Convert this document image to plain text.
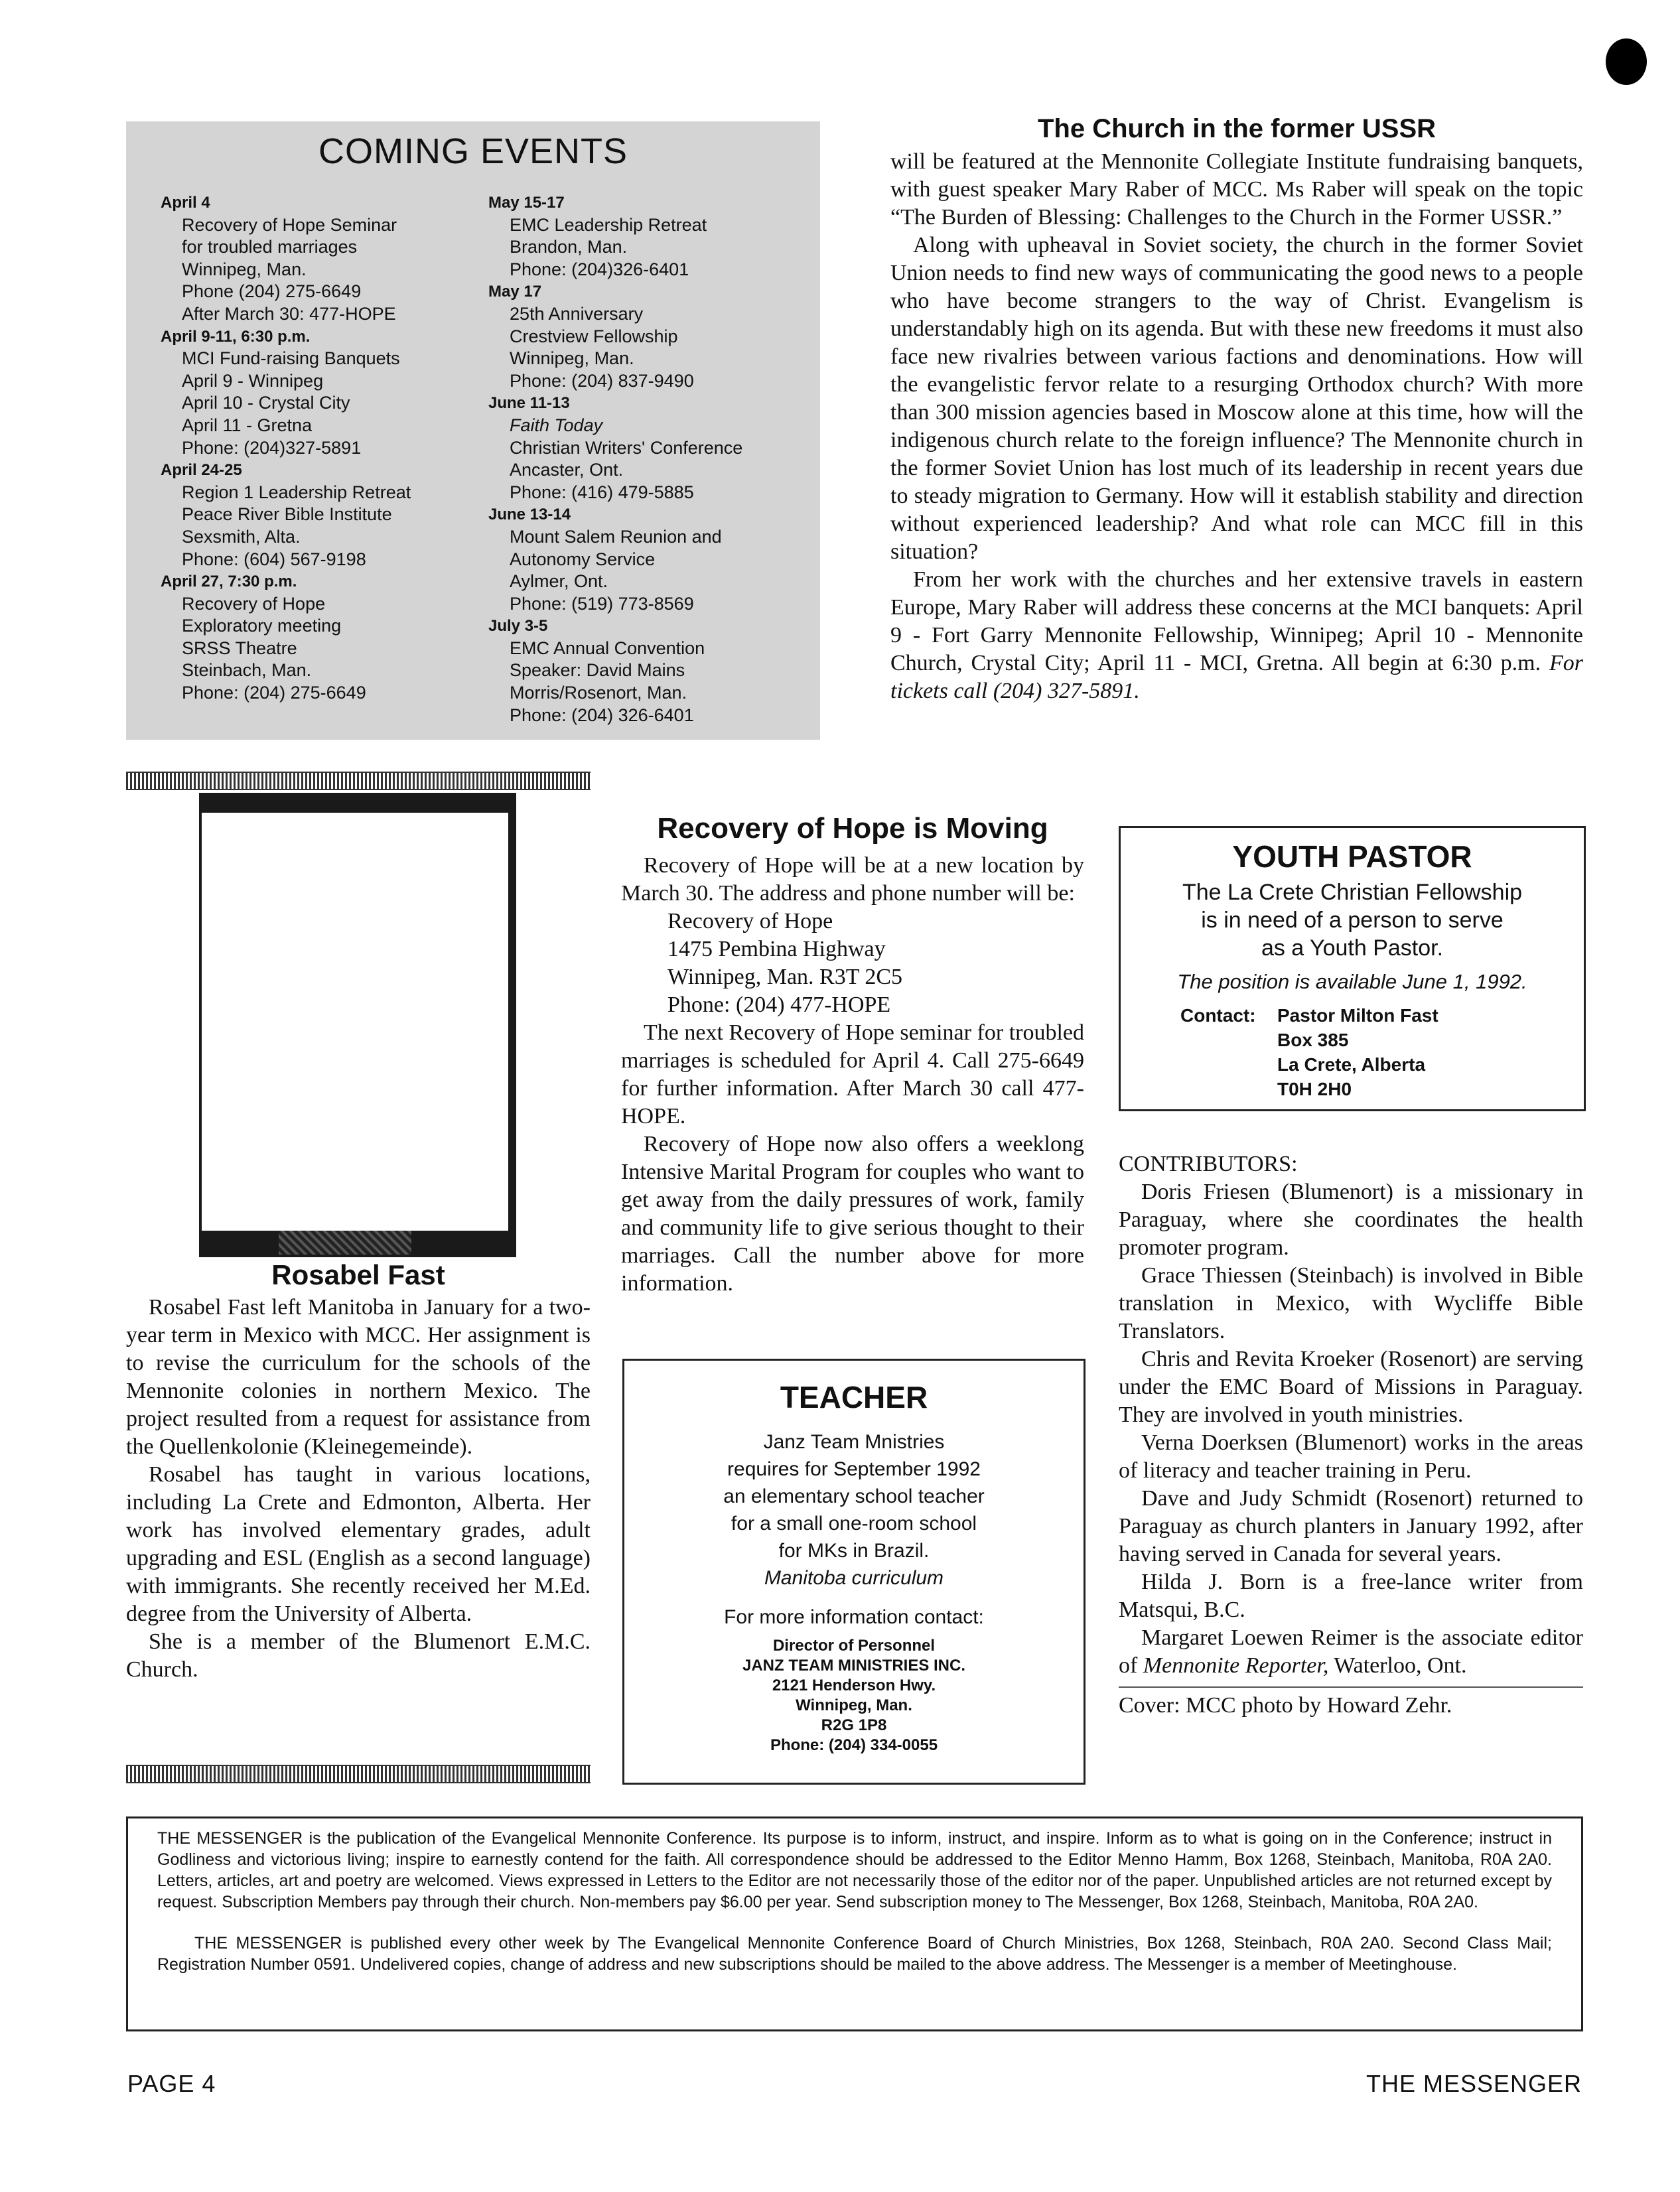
COMING EVENTS
April 4
Recovery of Hope Seminar
for troubled marriages
Winnipeg, Man.
Phone (204) 275-6649
After March 30: 477-HOPE
April 9-11, 6:30 p.m.
MCI Fund-raising Banquets
April 9 - Winnipeg
April 10 - Crystal City
April 11 - Gretna
Phone: (204)327-5891
April 24-25
Region 1 Leadership Retreat
Peace River Bible Institute
Sexsmith, Alta.
Phone: (604) 567-9198
April 27, 7:30 p.m.
Recovery of Hope
Exploratory meeting
SRSS Theatre
Steinbach, Man.
Phone: (204) 275-6649
May 15-17
EMC Leadership Retreat
Brandon, Man.
Phone: (204)326-6401
May 17
25th Anniversary
Crestview Fellowship
Winnipeg, Man.
Phone: (204) 837-9490
June 11-13
Faith Today
Christian Writers' Conference
Ancaster, Ont.
Phone: (416) 479-5885
June 13-14
Mount Salem Reunion and
Autonomy Service
Aylmer, Ont.
Phone: (519) 773-8569
July 3-5
EMC Annual Convention
Speaker: David Mains
Morris/Rosenort, Man.
Phone: (204) 326-6401
The Church in the former USSR

will be featured at the Mennonite Collegiate Institute fundraising banquets, with guest speaker Mary Raber of MCC. Ms Raber will speak on the topic “The Burden of Blessing: Challenges to the Church in the Former USSR.”

Along with upheaval in Soviet society, the church in the former Soviet Union needs to find new ways of communicating the good news to a people who have become strangers to the way of Christ. Evangelism is understandably high on its agenda. But with these new freedoms it must also face new rivalries between various factions and denominations. How will the evangelistic fervor relate to a resurging Orthodox church? With more than 300 mission agencies based in Moscow alone at this time, how will the indigenous church relate to the foreign influence? The Mennonite church in the former Soviet Union has lost much of its leadership in recent years due to steady migration to Germany. How will it establish stability and direction without experienced leadership? And what role can MCC fill in this situation?

From her work with the churches and her extensive travels in eastern Europe, Mary Raber will address these concerns at the MCI banquets: April 9 - Fort Garry Mennonite Fellowship, Winnipeg; April 10 - Mennonite Church, Crystal City; April 11 - MCI, Gretna. All begin at 6:30 p.m. For tickets call (204) 327-5891.

Rosabel Fast

Rosabel Fast left Manitoba in January for a two-year term in Mexico with MCC. Her assignment is to revise the curriculum for the schools of the Mennonite colonies in northern Mexico. The project resulted from a request for assistance from the Quellenkolonie (Kleinegemeinde).

Rosabel has taught in various locations, including La Crete and Edmonton, Alberta. Her work has involved elementary grades, adult upgrading and ESL (English as a second language) with immigrants. She recently received her M.Ed. degree from the University of Alberta.

She is a member of the Blumenort E.M.C. Church.

Recovery of Hope is Moving

Recovery of Hope will be at a new location by March 30. The address and phone number will be:

Recovery of Hope
1475 Pembina Highway
Winnipeg, Man. R3T 2C5
Phone: (204) 477-HOPE

The next Recovery of Hope seminar for troubled marriages is scheduled for April 4. Call 275-6649 for further information. After March 30 call 477-HOPE.

Recovery of Hope now also offers a weeklong Intensive Marital Program for couples who want to get away from the daily pressures of work, family and community life to give serious thought to their marriages. Call the number above for more information.

TEACHER
Janz Team Mnistries
requires for September 1992
an elementary school teacher
for a small one-room school
for MKs in Brazil.
Manitoba curriculum
For more information contact:
Director of Personnel
JANZ TEAM MINISTRIES INC.
2121 Henderson Hwy.
Winnipeg, Man.
R2G 1P8
Phone: (204) 334-0055
YOUTH PASTOR
The La Crete Christian Fellowship
is in need of a person to serve
as a Youth Pastor.
The position is available June 1, 1992.
Contact: Pastor Milton Fast
Box 385
La Crete, Alberta
T0H 2H0

CONTRIBUTORS:

Doris Friesen (Blumenort) is a missionary in Paraguay, where she coordinates the health promoter program.

Grace Thiessen (Steinbach) is involved in Bible translation in Mexico, with Wycliffe Bible Translators.

Chris and Revita Kroeker (Rosenort) are serving under the EMC Board of Missions in Paraguay. They are involved in youth ministries.

Verna Doerksen (Blumenort) works in the areas of literacy and teacher training in Peru.

Dave and Judy Schmidt (Rosenort) returned to Paraguay as church planters in January 1992, after having served in Canada for several years.

Hilda J. Born is a free-lance writer from Matsqui, B.C.

Margaret Loewen Reimer is the associate editor of Mennonite Reporter, Waterloo, Ont.

Cover: MCC photo by Howard Zehr.

THE MESSENGER is the publication of the Evangelical Mennonite Conference. Its purpose is to inform, instruct, and inspire. Inform as to what is going on in the Conference; instruct in Godliness and victorious living; inspire to earnestly contend for the faith. All correspondence should be addressed to the Editor Menno Hamm, Box 1268, Steinbach, Manitoba, R0A 2A0. Letters, articles, art and poetry are welcomed. Views expressed in Letters to the Editor are not necessarily those of the editor nor of the paper. Unpublished articles are not returned except by request. Subscription Members pay through their church. Non-members pay $6.00 per year. Send subscription money to The Messenger, Box 1268, Steinbach, Manitoba, R0A 2A0.

THE MESSENGER is published every other week by The Evangelical Mennonite Conference Board of Church Ministries, Box 1268, Steinbach, R0A 2A0. Second Class Mail; Registration Number 0591. Undelivered copies, change of address and new subscriptions should be mailed to the above address. The Messenger is a member of Meetinghouse.

PAGE 4	THE MESSENGER
